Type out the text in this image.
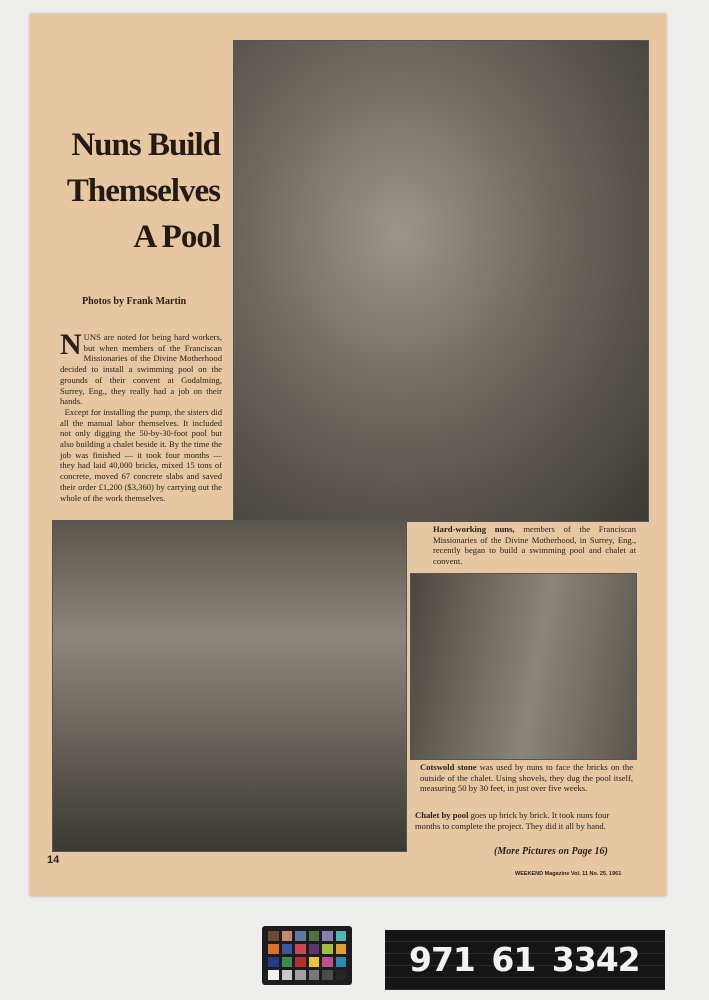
Nuns Build
Themselves
A Pool
Photos by Frank Martin
NUNS are noted for being hard workers, but when members of the Franciscan Missionaries of the Divine Motherhood decided to install a swimming pool on the grounds of their convent at Godalming, Surrey, Eng., they really had a job on their hands.
Except for installing the pump, the sisters did all the manual labor themselves. It included not only digging the 50-by-30-foot pool but also building a chalet beside it. By the time the job was finished — it took four months — they had laid 40,000 bricks, mixed 15 tons of concrete, moved 67 concrete slabs and saved their order £1,200 ($3,360) by carrying out the whole of the work themselves.
Hard-working nuns, members of the Franciscan Missionaries of the Divine Motherhood, in Surrey, Eng., recently began to build a swimming pool and chalet at convent.
Cotswold stone was used by nuns to face the bricks on the outside of the chalet. Using shovels, they dug the pool itself, measuring 50 by 30 feet, in just over five weeks.
Chalet by pool goes up brick by brick. It took nuns four months to complete the project. They did it all by hand.
(More Pictures on Page 16)
WEEKEND Magazine Vol. 11 No. 25, 1961
14
971 61 3342
